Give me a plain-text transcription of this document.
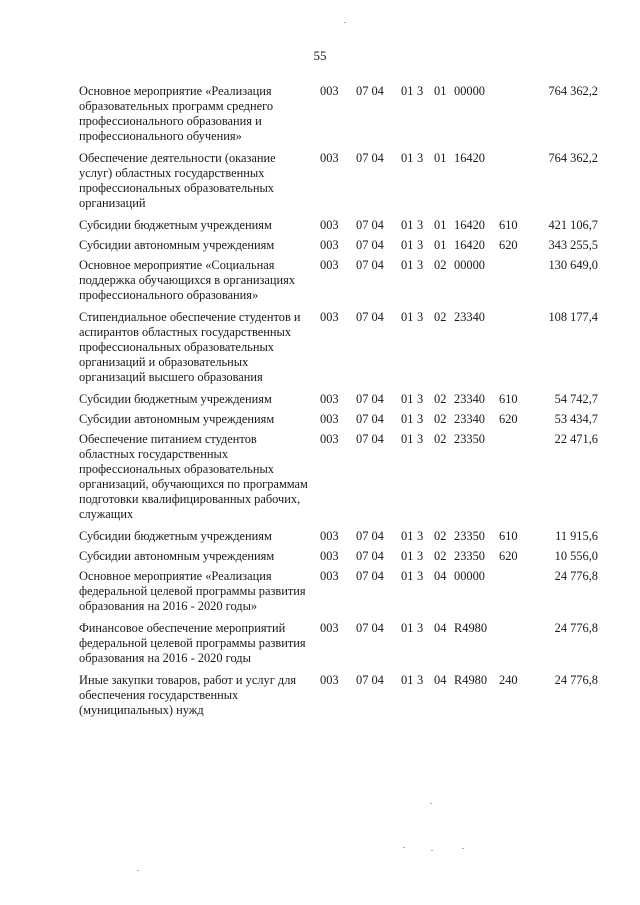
55
Основное мероприятие «Реализация образовательных программ среднего профессионального образования и профессионального обучения»
003 07 04 01 3 01 00000	764 362,2
Обеспечение деятельности (оказание услуг) областных государственных профессиональных образовательных организаций
003 07 04 01 3 01 16420	764 362,2
Субсидии бюджетным учреждениям	003 07 04 01 3 01 16420 610	421 106,7
Субсидии автономным учреждениям	003 07 04 01 3 01 16420 620	343 255,5
Основное мероприятие «Социальная поддержка обучающихся в организациях профессионального образования»
003 07 04 01 3 02 00000	130 649,0
Стипендиальное обеспечение студентов и аспирантов областных государственных профессиональных образовательных организаций и образовательных организаций высшего образования
003 07 04 01 3 02 23340	108 177,4
Субсидии бюджетным учреждениям	003 07 04 01 3 02 23340 610	54 742,7
Субсидии автономным учреждениям	003 07 04 01 3 02 23340 620	53 434,7
Обеспечение питанием студентов областных государственных профессиональных образовательных организаций, обучающихся по программам подготовки квалифицированных рабочих, служащих
003 07 04 01 3 02 23350	22 471,6
Субсидии бюджетным учреждениям	003 07 04 01 3 02 23350 610	11 915,6
Субсидии автономным учреждениям	003 07 04 01 3 02 23350 620	10 556,0
Основное мероприятие «Реализация федеральной целевой программы развития образования на 2016 - 2020 годы»
003 07 04 01 3 04 00000	24 776,8
Финансовое обеспечение мероприятий федеральной целевой программы развития образования на 2016 - 2020 годы
003 07 04 01 3 04 R4980	24 776,8
Иные закупки товаров, работ и услуг для обеспечения государственных (муниципальных) нужд
003 07 04 01 3 04 R4980 240	24 776,8
